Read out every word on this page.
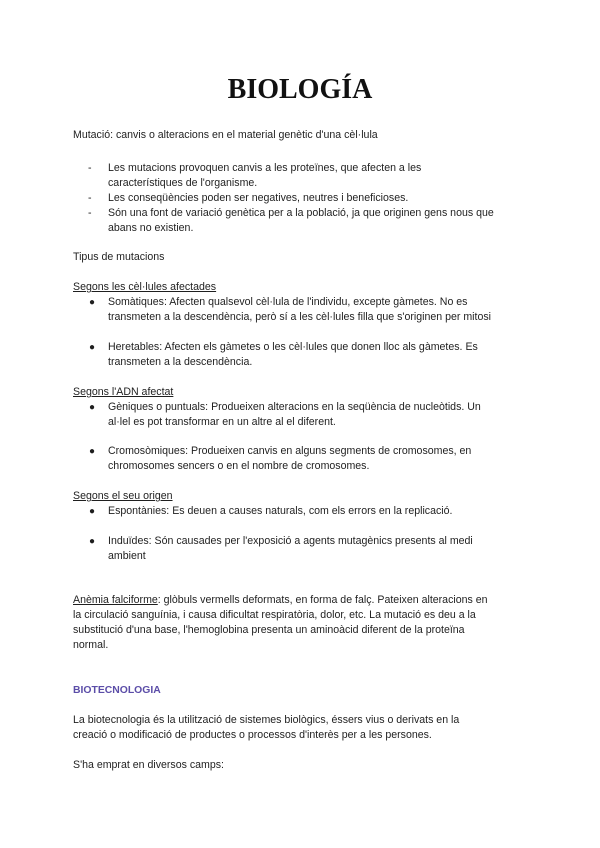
BIOLOGÍA
Mutació: canvis o alteracions en el material genètic d'una cèl·lula
- Les mutacions provoquen canvis a les proteïnes, que afecten a les
característiques de l'organisme.
- Les conseqüències poden ser negatives, neutres i beneficioses.
- Són una font de variació genètica per a la població, ja que originen gens nous que
abans no existien.
Tipus de mutacions
Segons les cèl·lules afectades
● Somàtiques: Afecten qualsevol cèl·lula de l'individu, excepte gàmetes. No es
transmeten a la descendència, però sí a les cèl·lules filla que s'originen per mitosi
● Heretables: Afecten els gàmetes o les cèl·lules que donen lloc als gàmetes. Es
transmeten a la descendència.
Segons l'ADN afectat
● Gèniques o puntuals: Produeixen alteracions en la seqüència de nucleòtids. Un
al·lel es pot transformar en un altre al el diferent.
● Cromosòmiques: Produeixen canvis en alguns segments de cromosomes, en
chromosomes sencers o en el nombre de cromosomes.
Segons el seu origen
● Espontànies: Es deuen a causes naturals, com els errors en la replicació.
● Induïdes: Són causades per l'exposició a agents mutagènics presents al medi
ambient
Anèmia falciforme: glòbuls vermells deformats, en forma de falç. Pateixen alteracions en
la circulació sanguínia, i causa dificultat respiratòria, dolor, etc. La mutació es deu a la
substitució d'una base, l'hemoglobina presenta un aminoàcid diferent de la proteïna
normal.
BIOTECNOLOGIA
La biotecnologia és la utilització de sistemes biològics, éssers vius o derivats en la
creació o modificació de productes o processos d'interès per a les persones.
S'ha emprat en diversos camps:
